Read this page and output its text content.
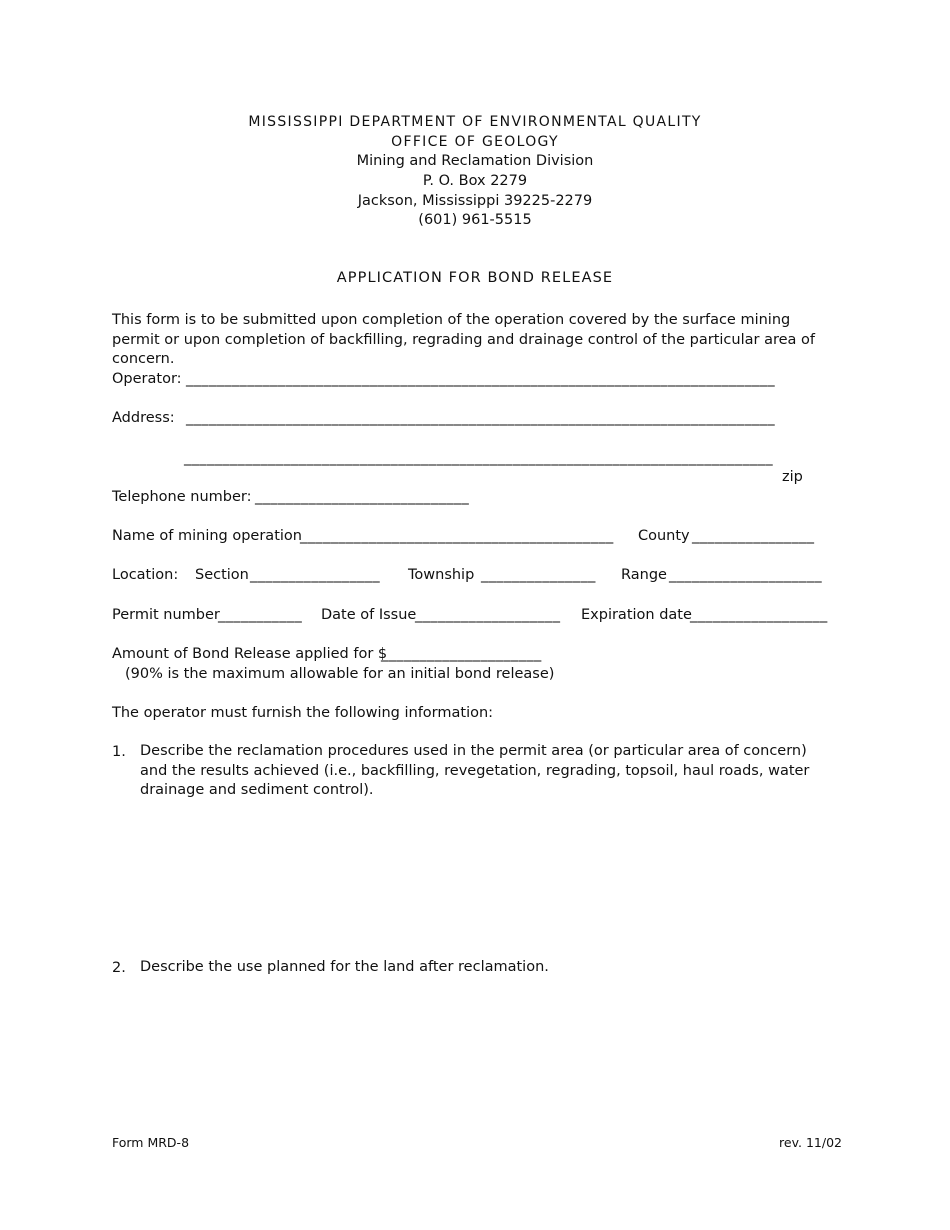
MISSISSIPPI DEPARTMENT OF ENVIRONMENTAL QUALITY
OFFICE OF GEOLOGY
Mining and Reclamation Division
P. O. Box 2279
Jackson, Mississippi 39225-2279
(601) 961-5515
APPLICATION FOR BOND RELEASE
This form is to be submitted upon completion of the operation covered by the surface mining permit or upon completion of backfilling, regrading and drainage control of the particular area of concern.
Operator: _____________________________________________________________________________
Address: _____________________________________________________________________________
_____________________________________________________________________________
zip
Telephone number: ____________________________
Name of mining operation
_________________________________________ County ________________
Location: Section _________________ Township _______________ Range ____________________
Permit number
___________ Date of Issue
___________________ Expiration date
__________________
Amount of Bond Release applied for $
_____________________
(90% is the maximum allowable for an initial bond release)
The operator must furnish the following information:
1. Describe the reclamation procedures used in the permit area (or particular area of concern) and the results achieved (i.e., backfilling, revegetation, regrading, topsoil, haul roads, water drainage and sediment control).
2. Describe the use planned for the land after reclamation.
Form MRD-8	rev. 11/02
